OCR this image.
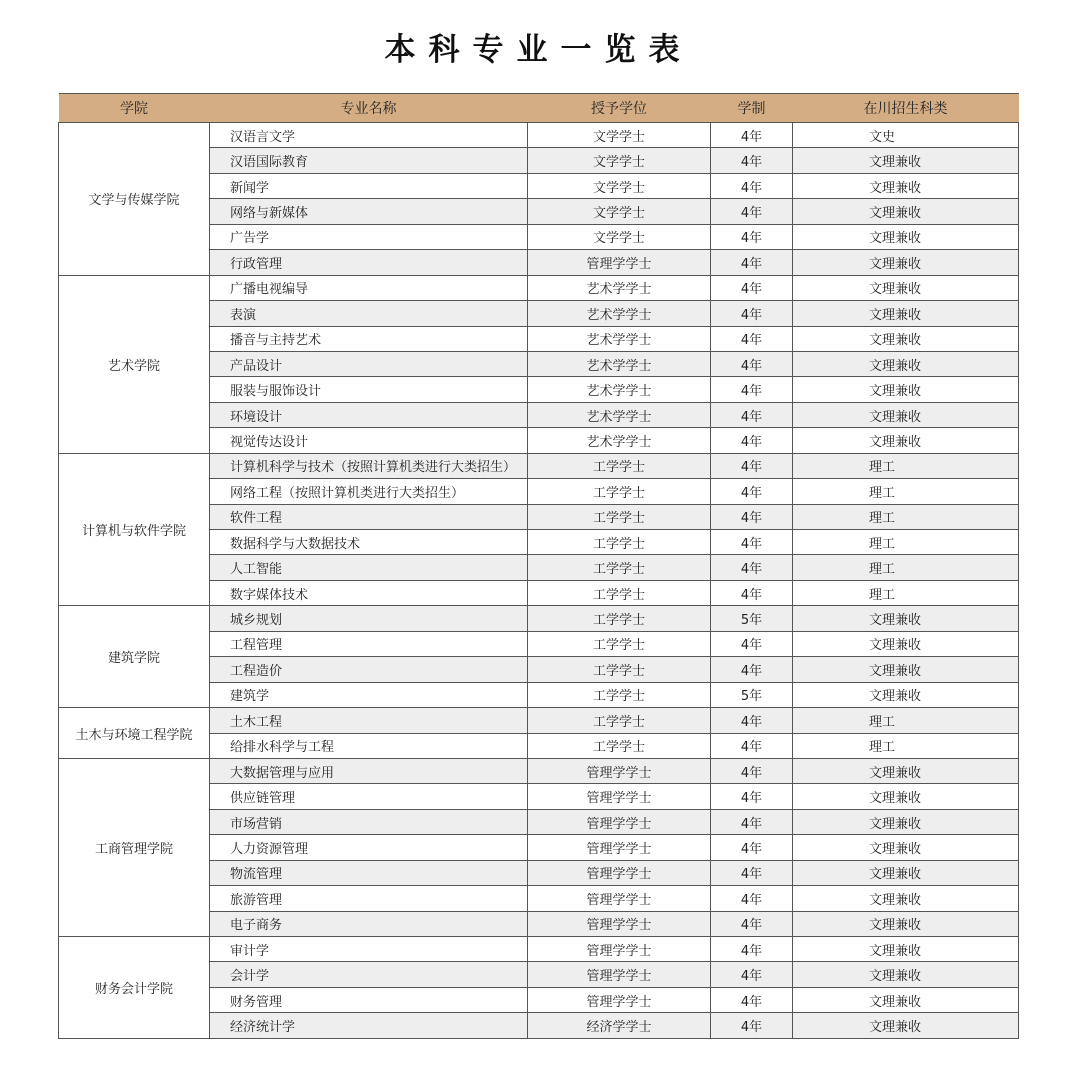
本科专业一览表
学院	专业名称	授予学位	学制	在川招生科类
文学与传媒学院	汉语言文学	文学学士	4年	文史
	汉语国际教育	文学学士	4年	文理兼收
	新闻学	文学学士	4年	文理兼收
	网络与新媒体	文学学士	4年	文理兼收
	广告学	文学学士	4年	文理兼收
	行政管理	管理学学士	4年	文理兼收
艺术学院	广播电视编导	艺术学学士	4年	文理兼收
	表演	艺术学学士	4年	文理兼收
	播音与主持艺术	艺术学学士	4年	文理兼收
	产品设计	艺术学学士	4年	文理兼收
	服装与服饰设计	艺术学学士	4年	文理兼收
	环境设计	艺术学学士	4年	文理兼收
	视觉传达设计	艺术学学士	4年	文理兼收
计算机与软件学院	计算机科学与技术（按照计算机类进行大类招生）	工学学士	4年	理工
	网络工程（按照计算机类进行大类招生）	工学学士	4年	理工
	软件工程	工学学士	4年	理工
	数据科学与大数据技术	工学学士	4年	理工
	人工智能	工学学士	4年	理工
	数字媒体技术	工学学士	4年	理工
建筑学院	城乡规划	工学学士	5年	文理兼收
	工程管理	工学学士	4年	文理兼收
	工程造价	工学学士	4年	文理兼收
	建筑学	工学学士	5年	文理兼收
土木与环境工程学院	土木工程	工学学士	4年	理工
	给排水科学与工程	工学学士	4年	理工
工商管理学院	大数据管理与应用	管理学学士	4年	文理兼收
	供应链管理	管理学学士	4年	文理兼收
	市场营销	管理学学士	4年	文理兼收
	人力资源管理	管理学学士	4年	文理兼收
	物流管理	管理学学士	4年	文理兼收
	旅游管理	管理学学士	4年	文理兼收
	电子商务	管理学学士	4年	文理兼收
财务会计学院	审计学	管理学学士	4年	文理兼收
	会计学	管理学学士	4年	文理兼收
	财务管理	管理学学士	4年	文理兼收
	经济统计学	经济学学士	4年	文理兼收
